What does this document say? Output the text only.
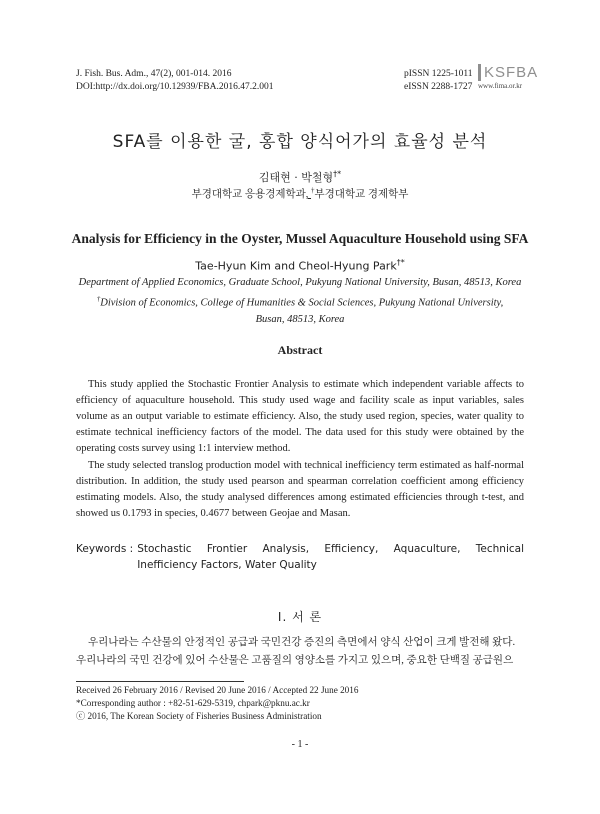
J. Fish. Bus. Adm., 47(2), 001-014. 2016
DOI:http://dx.doi.org/10.12939/FBA.2016.47.2.001
pISSN 1225-1011
eISSN 2288-1727
KSFBA
www.fima.or.kr
SFA를 이용한 굴, 홍합 양식어가의 효율성 분석
김태현 · 박철형†*
부경대학교 응용경제학과, †부경대학교 경제학부
Analysis for Efficiency in the Oyster, Mussel Aquaculture Household using SFA
Tae-Hyun Kim and Cheol-Hyung Park†*
Department of Applied Economics, Graduate School, Pukyung National University, Busan, 48513, Korea
†Division of Economics, College of Humanities & Social Sciences, Pukyung National University,
Busan, 48513, Korea
Abstract
This study applied the Stochastic Frontier Analysis to estimate which independent variable affects to efficiency of aquaculture household. This study used wage and facility scale as input variables, sales volume as an output variable to estimate efficiency. Also, the study used region, species, water quality to estimate technical inefficiency factors of the model. The data used for this study were obtained by the operating costs survey using 1:1 interview method.
The study selected translog production model with technical inefficiency term estimated as half-normal distribution. In addition, the study used pearson and spearman correlation coefficient among efficiency estimating models. Also, the study analysed differences among estimated efficiencies through t-test, and showed us 0.1793 in species, 0.4677 between Geojae and Masan.
Keywords :	Stochastic Frontier Analysis, Efficiency, Aquaculture, Technical Inefficiency Factors, Water Quality
Ⅰ. 서 론
우리나라는 수산물의 안정적인 공급과 국민건강 증진의 측면에서 양식 산업이 크게 발전해 왔다.
우리나라의 국민 건강에 있어 수산물은 고품질의 영양소를 가지고 있으며, 중요한 단백질 공급원으
Received 26 February 2016 / Revised 20 June 2016 / Accepted 22 June 2016
*Corresponding author : +82-51-629-5319, chpark@pknu.ac.kr
ⓒ 2016, The Korean Society of Fisheries Business Administration
- 1 -
